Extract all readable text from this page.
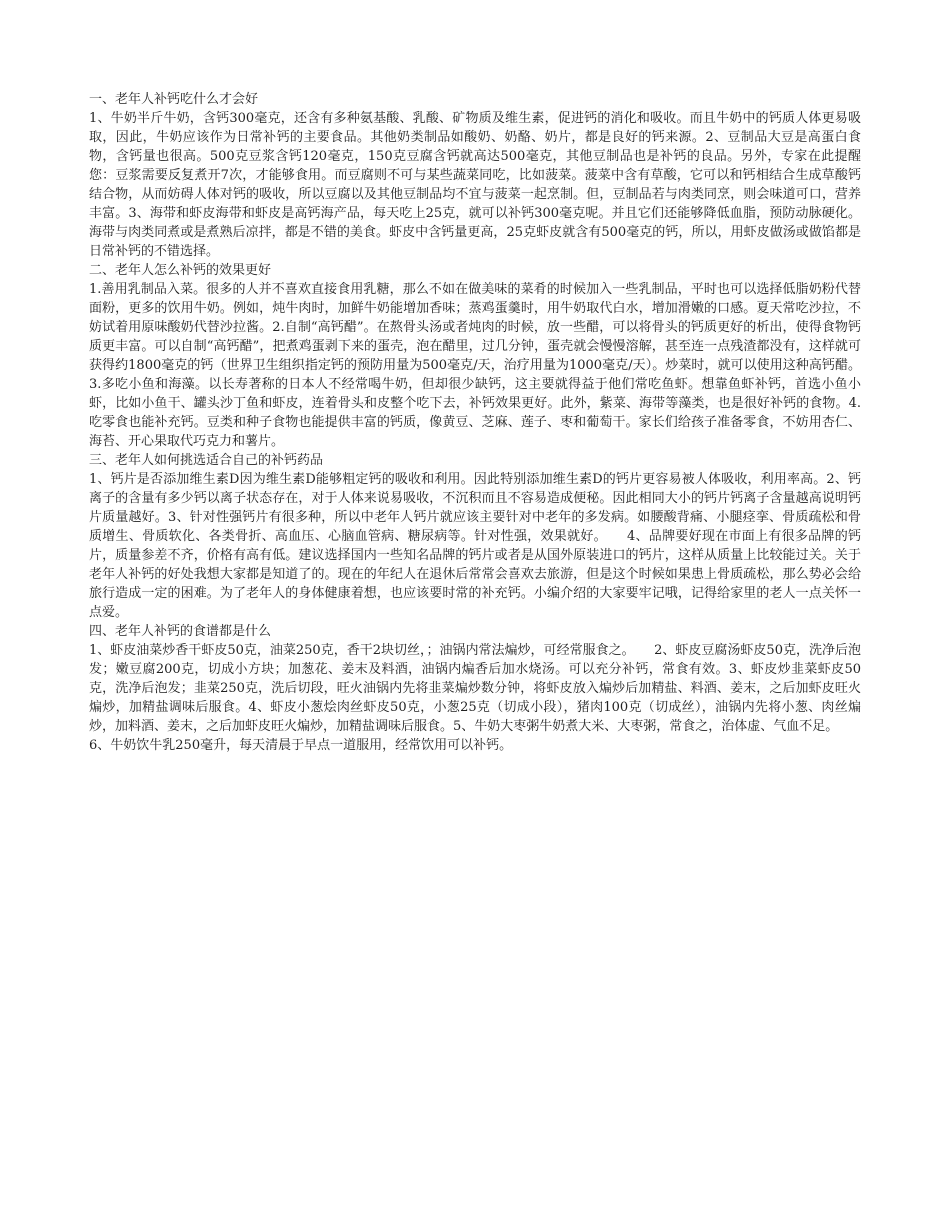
一、老年人补钙吃什么才会好

1、牛奶半斤牛奶，含钙300毫克，还含有多种氨基酸、乳酸、矿物质及维生素，促进钙的消化和吸收。而且牛奶中的钙质人体更易吸取，因此，牛奶应该作为日常补钙的主要食品。其他奶类制品如酸奶、奶酪、奶片，都是良好的钙来源。2、豆制品大豆是高蛋白食物，含钙量也很高。500克豆浆含钙120毫克，150克豆腐含钙就高达500毫克，其他豆制品也是补钙的良品。另外，专家在此提醒您：豆浆需要反复煮开7次，才能够食用。而豆腐则不可与某些蔬菜同吃，比如菠菜。菠菜中含有草酸，它可以和钙相结合生成草酸钙结合物，从而妨碍人体对钙的吸收，所以豆腐以及其他豆制品均不宜与菠菜一起烹制。但，豆制品若与肉类同烹，则会味道可口，营养丰富。3、海带和虾皮海带和虾皮是高钙海产品，每天吃上25克，就可以补钙300毫克呢。并且它们还能够降低血脂，预防动脉硬化。海带与肉类同煮或是煮熟后凉拌，都是不错的美食。虾皮中含钙量更高，25克虾皮就含有500毫克的钙，所以，用虾皮做汤或做馅都是日常补钙的不错选择。

二、老年人怎么补钙的效果更好

1.善用乳制品入菜。很多的人并不喜欢直接食用乳糖，那么不如在做美味的菜肴的时候加入一些乳制品，平时也可以选择低脂奶粉代替面粉，更多的饮用牛奶。例如，炖牛肉时，加鲜牛奶能增加香味；蒸鸡蛋羹时，用牛奶取代白水，增加滑嫩的口感。夏天常吃沙拉，不妨试着用原味酸奶代替沙拉酱。2.自制“高钙醋”。在熬骨头汤或者炖肉的时候，放一些醋，可以将骨头的钙质更好的析出，使得食物钙质更丰富。可以自制“高钙醋”，把煮鸡蛋剥下来的蛋壳，泡在醋里，过几分钟，蛋壳就会慢慢溶解，甚至连一点残渣都没有，这样就可获得约1800毫克的钙（世界卫生组织指定钙的预防用量为500毫克/天，治疗用量为1000毫克/天）。炒菜时，就可以使用这种高钙醋。3.多吃小鱼和海藻。以长寿著称的日本人不经常喝牛奶，但却很少缺钙，这主要就得益于他们常吃鱼虾。想靠鱼虾补钙，首选小鱼小虾，比如小鱼干、罐头沙丁鱼和虾皮，连着骨头和皮整个吃下去，补钙效果更好。此外，紫菜、海带等藻类，也是很好补钙的食物。4.吃零食也能补充钙。豆类和种子食物也能提供丰富的钙质，像黄豆、芝麻、莲子、枣和葡萄干。家长们给孩子准备零食，不妨用杏仁、海苔、开心果取代巧克力和薯片。

三、老年人如何挑选适合自己的补钙药品

1、钙片是否添加维生素D因为维生素D能够粗定钙的吸收和利用。因此特别添加维生素D的钙片更容易被人体吸收，利用率高。2、钙离子的含量有多少钙以离子状态存在，对于人体来说易吸收，不沉积而且不容易造成便秘。因此相同大小的钙片钙离子含量越高说明钙片质量越好。3、针对性强钙片有很多种，所以中老年人钙片就应该主要针对中老年的多发病。如腰酸背痛、小腿痉挛、骨质疏松和骨质增生、骨质软化、各类骨折、高血压、心脑血管病、糖尿病等。针对性强，效果就好。　　4、品牌要好现在市面上有很多品牌的钙片，质量参差不齐，价格有高有低。建议选择国内一些知名品牌的钙片或者是从国外原装进口的钙片，这样从质量上比较能过关。关于老年人补钙的好处我想大家都是知道了的。现在的年纪人在退休后常常会喜欢去旅游，但是这个时候如果患上骨质疏松，那么势必会给旅行造成一定的困难。为了老年人的身体健康着想，也应该要时常的补充钙。小编介绍的大家要牢记哦，记得给家里的老人一点关怀一点爱。

四、老年人补钙的食谱都是什么

1、虾皮油菜炒香干虾皮50克，油菜250克，香干2块切丝，；油锅内常法煸炒，可经常服食之。　　2、虾皮豆腐汤虾皮50克，洗净后泡发；嫩豆腐200克，切成小方块；加葱花、姜末及料酒，油锅内煸香后加水烧汤。可以充分补钙，常食有效。3、虾皮炒韭菜虾皮50克，洗净后泡发；韭菜250克，洗后切段，旺火油锅内先将韭菜煸炒数分钟，将虾皮放入煸炒后加精盐、料酒、姜末，之后加虾皮旺火煸炒，加精盐调味后服食。4、虾皮小葱烩肉丝虾皮50克，小葱25克（切成小段），猪肉100克（切成丝），油锅内先将小葱、肉丝煸炒，加料酒、姜末，之后加虾皮旺火煸炒，加精盐调味后服食。5、牛奶大枣粥牛奶煮大米、大枣粥，常食之，治体虚、气血不足。

6、牛奶饮牛乳250毫升，每天清晨于早点一道服用，经常饮用可以补钙。
